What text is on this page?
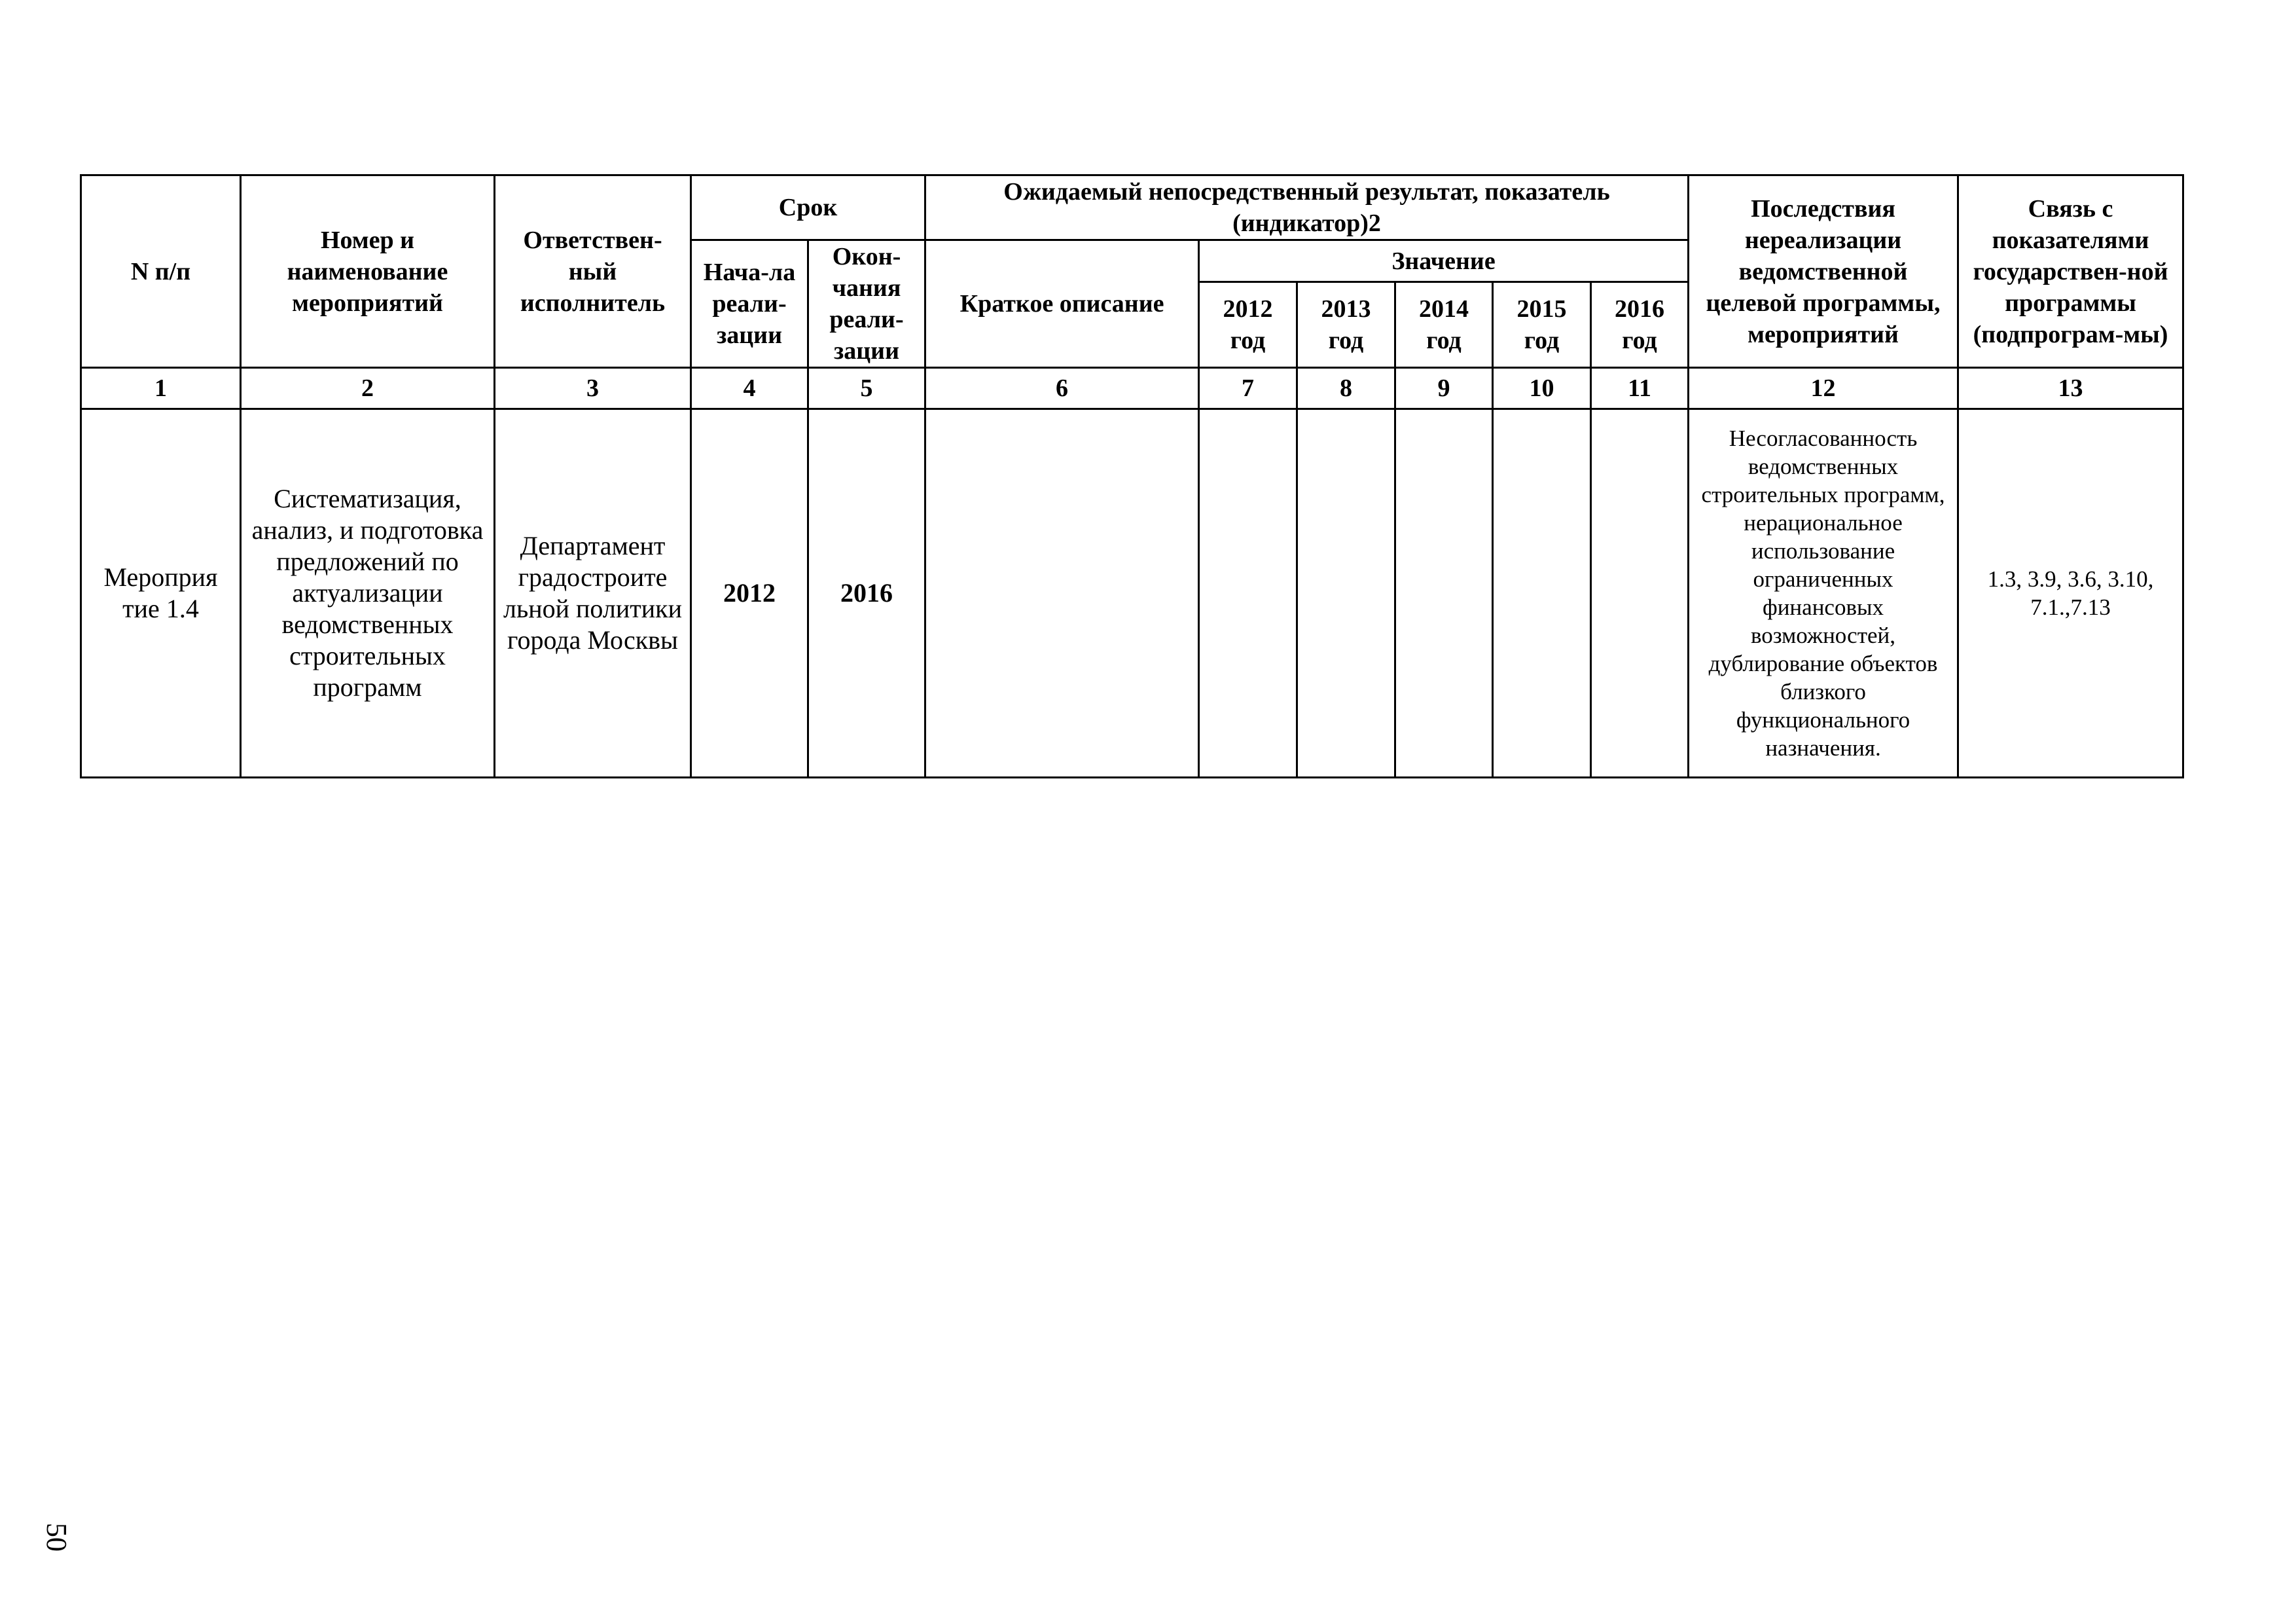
N п/п	Номер и наименование мероприятий	Ответствен-ный исполнитель	Срок		Ожидаемый непосредственный результат, показатель (индикатор)2						Последствия нереализации ведомственной целевой программы, мероприятий	Связь с показателями государствен-ной программы (подпрограм-мы)
			Нача-ла реали-зации	Окон-чания реали-зации	Краткое описание	Значение						
						2012 год	2013 год	2014 год	2015 год	2016 год		
1	2	3	4	5	6	7	8	9	10	11	12	13
Мероприя тие 1.4	Систематизация, анализ, и подготовка предложений по актуализации ведомственных строительных программ	Департамент градостроите льной политики города Москвы	2012	2016							Несогласованность ведомственных строительных программ, нерациональное использование ограниченных финансовых возможностей, дублирование объектов близкого функционального назначения.	1.3, 3.9, 3.6, 3.10, 7.1.,7.13
50
